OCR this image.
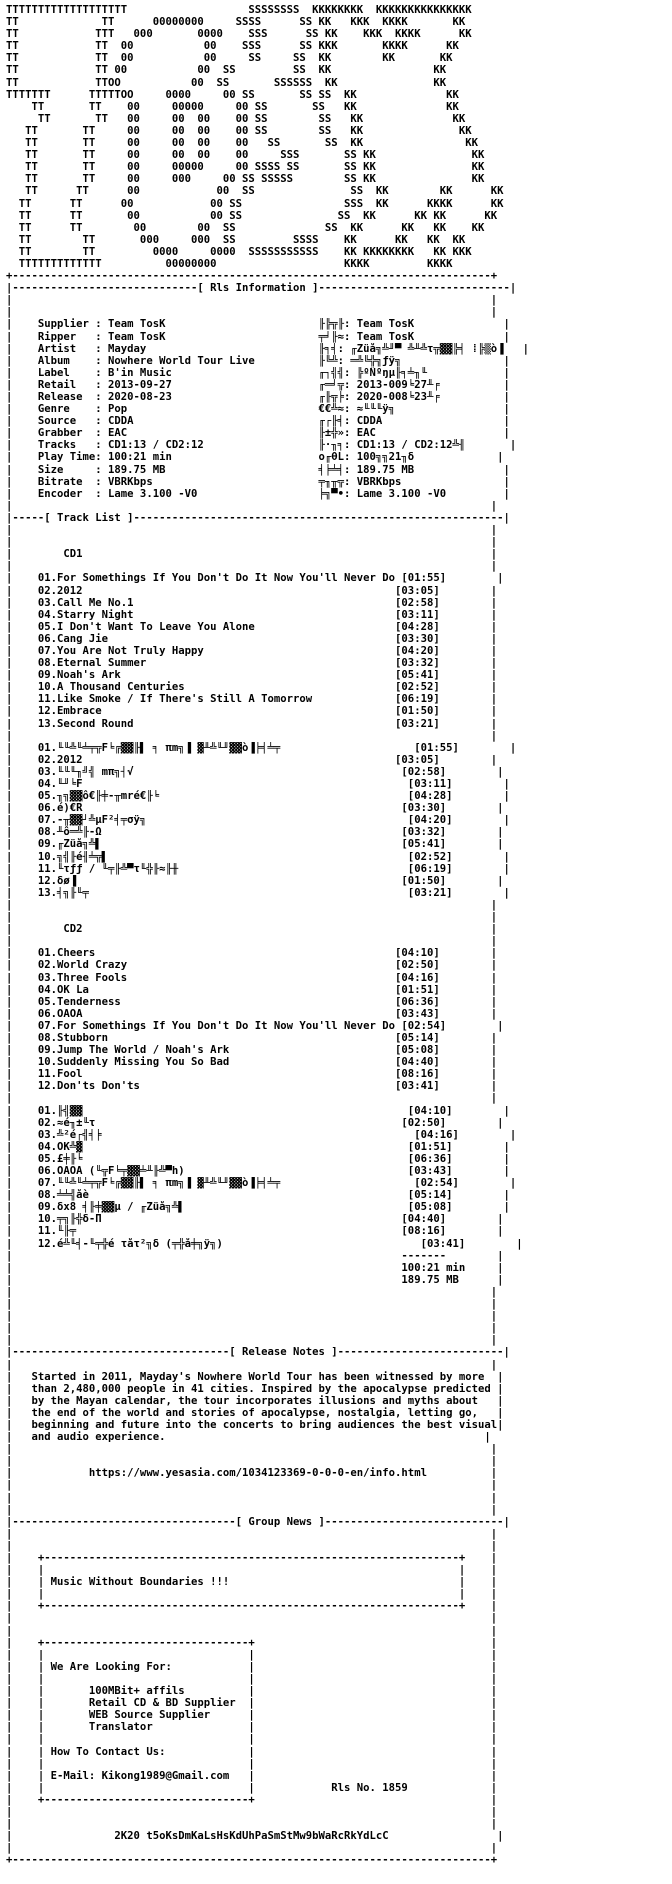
TTTTTTTTTTTTTTTTTTT                   SSSSSSSS  KKKKKKKK  KKKKKKKKKKKKKKK
TT             TT      00000000     SSSS      SS KK   KKK  KKKK       KK
TT            TTT   000       0000    SSS      SS KK    KKK  KKKK      KK
TT            TT  00           00    SSS      SS KKK       KKKK      KK
TT            TT  00           00     SS     SS  KK        KK       KK
TT            TT 00           00  SS         SS  KK                KK
TT            TTOO           00  SS       SSSSSS  KK               KK
TTTTTTT      TTTTTOO     0000     00 SS       SS SS  KK              KK
TT       TT    00     00000     00 SS       SS   KK              KK
TT       TT   00     00  00    00 SS        SS   KK              KK
TT       TT     00     00  00    00 SS        SS   KK               KK
TT       TT     00     00  00    00   SS       SS  KK                KK
TT       TT     00     00  00    00     SSS       SS KK               KK
TT       TT     00     00000     00 SSSS SS       SS KK               KK
TT       TT     00     000     00 SS SSSSS        SS KK               KK
TT      TT      00            00  SS               SS  KK        KK      KK
TT      TT      00            00 SS                SSS  KK      KKKK      KK
TT      TT       00           00 SS               SS  KK      KK KK      KK
TT      TT        00        00  SS              SS  KK      KK   KK    KK
TT        TT       000     000  SS         SSSS    KK      KK   KK  KK
TT        TT         0000     0000  SSSSSSSSSSS    KK KKKKKKKK   KK KKK
TTTTTTTTTTTTT          00000000                    KKKK         KKKK
+---------------------------------------------------------------------------+
|-----------------------------[ Rls Information ]------------------------------|
|                                                                           |
|                                                                           |
|    Supplier : Team TosK                        ╟╠╦╟: Team TosK              |
|    Ripper   : Team TosK                        ╤╛╟≈: Team TosK              |
|    Artist   : Mayday                           ╟╕╡: ╓Züå╗╩╜▀ ╩╨╩τ╦▓▓╠╡ ⁞╠▒ò▐   |
|    Album    : Nowhere World Tour Live          ╟╚╩: ═╩╚╬╗ƒÿ╗                |
|    Label    : B'in Music                       ╓┐╣╣: ╠ºÑºŋµ╟╕╧╖╙            |
|    Retail   : 2013-09-27                       ╓═╛╦: 2013-009╘27╨╒          |
|    Release  : 2020-08-23                       ╓╟╦╞: 2020-008╘23╨╒          |
|    Genre    : Pop                              €€╩≈: ≈╙╙╙ÿ╗                 |
|    Source   : CDDA                             ╓┌╟╡: CDDA                   |
|    Grabber  : EAC                              ╟±╬»: EAC                    |
|    Tracks   : CD1:13 / CD2:12                  ╟·╖╕: CD1:13 / CD2:12╩╢       |
|    Play Time: 100:21 min                       ο╓θL: 100╗╗21╖δ             |
|    Size     : 189.75 MB                        ╡╞╧╡: 189.75 MB              |
|    Bitrate  : VBRKbps                          ╤╖╥╦: VBRKbps                |
|    Encoder  : Lame 3.100 -V0                   ╞╗▀•: Lame 3.100 -V0         |
|                                                                           |
|-----[ Track List ]----------------------------------------------------------|
|                                                                           |
|                                                                           |
|        CD1                                                                |
|                                                                           |
|    01.For Somethings If You Don't Do It Now You'll Never Do [01:55]        |
|    02.2012                                                 [03:05]        |
|    03.Call Me No.1                                         [02:58]        |
|    04.Starry Night                                         [03:11]        |
|    05.I Don't Want To Leave You Alone                      [04:28]        |
|    06.Cang Jie                                             [03:30]        |
|    07.You Are Not Truly Happy                              [04:20]        |
|    08.Eternal Summer                                       [03:32]        |
|    09.Noah's Ark                                           [05:41]        |
|    10.A Thousand Centuries                                 [02:52]        |
|    11.Like Smoke / If There's Still A Tomorrow             [06:19]        |
|    12.Embrace                                              [01:50]        |
|    13.Second Round                                         [03:21]        |
|                                                                           |
|    01.╙╙╩╙╧╤╦F╘╔▓▓╟▌ ╕ πm╗▐ ▓╨╩╙╜▓▓ò▐╞╡╧╤                     [01:55]        |
|    02.2012                                                 [03:05]        |
|    03.╙╙╙╖╝╣ mπ╗┤√                                          [02:58]        |
|    04.╙╜╘F                                                   [03:11]        |
|    05.╖╗▓▓ô€╟╪-╥mré€╟╘                                       [04:28]        |
|    06.é)€R                                                  [03:30]        |
|    07.-╥▓▓┘╩µF²╡╤σÿ╗                                         [04:20]        |
|    08.╨ô═╩╟-Ω                                               [03:32]        |
|    09.╓Züå╗╩▌                                               [05:41]        |
|    10.╗╣╟é╢╧╦▌                                               [02:52]        |
|    11.╙τƒƒ / ╙╤╟╩▀τ╙╬╟≈╟╫                                    [06:19]        |
|    12.δø▐                                                   [01:50]        |
|    13.╡╗╟╙╤                                                  [03:21]        |
|                                                                           |
|                                                                           |
|        CD2                                                                |
|                                                                           |
|    01.Cheers                                               [04:10]        |
|    02.World Crazy                                          [02:50]        |
|    03.Three Fools                                          [04:16]        |
|    04.OK La                                                [01:51]        |
|    05.Tenderness                                           [06:36]        |
|    06.OAOA                                                 [03:43]        |
|    07.For Somethings If You Don't Do It Now You'll Never Do [02:54]        |
|    08.Stubborn                                             [05:14]        |
|    09.Jump The World / Noah's Ark                          [05:08]        |
|    10.Suddenly Missing You So Bad                          [04:40]        |
|    11.Fool                                                 [08:16]        |
|    12.Don'ts Don'ts                                        [03:41]        |
|                                                                           |
|    01.╟╣▓▓                                                   [04:10]        |
|    02.≈é╖±╙τ                                                [02:50]        |
|    03.╩²é┌╣╡╞                                                 [04:16]        |
|    04.OK╩▓                                                   [01:51]        |
|    05.£╪╟╘                                                   [06:36]        |
|    06.OAOA (╙╦F╘╤▓▓╧╨╟╩▀h)                                   [03:43]        |
|    07.╙╙╩╙╧╤╦F╘╔▓▓╟▌ ╕ πm╗▐ ▓╨╩╙╜▓▓ò▐╞╡╧╤                     [02:54]        |
|    08.╧╧╣åè                                                  [05:14]        |
|    09.δx8 ╡╟╪▓▓µ / ╓Züå╗╩▌                                   [05:08]        |
|    10.╤╗╟╬δ-Π                                               [04:40]        |
|    11.╙╟╤                                                   [08:16]        |
|    12.é╩╙╡-╙╤╬é τåτ²╗δ (╤╬å╪╗ÿ╗)                               [03:41]        |
|                                                             -------        |
|                                                             100:21 min     |
|                                                             189.75 MB      |
|                                                                           |
|                                                                           |
|                                                                           |
|                                                                           |
|                                                                           |
|----------------------------------[ Release Notes ]--------------------------|
|                                                                           |
|   Started in 2011, Mayday's Nowhere World Tour has been witnessed by more  |
|   than 2,480,000 people in 41 cities. Inspired by the apocalypse predicted |
|   by the Mayan calendar, the tour incorporates illusions and myths about   |
|   the end of the world and stories of apocalypse, nostalgia, letting go,   |
|   beginning and future into the concerts to bring audiences the best visual|
|   and audio experience.                                                  |
|                                                                           |
|                                                                           |
|            https://www.yesasia.com/1034123369-0-0-0-en/info.html          |
|                                                                           |
|                                                                           |
|                                                                           |
|-----------------------------------[ Group News ]----------------------------|
|                                                                           |
|                                                                           |
|    +-----------------------------------------------------------------+    |
|    |                                                                 |    |
|    | Music Without Boundaries !!!                                    |    |
|    |                                                                 |    |
|    +-----------------------------------------------------------------+    |
|                                                                           |
|                                                                           |
|    +--------------------------------+                                     |
|    |                                |                                     |
|    | We Are Looking For:            |                                     |
|    |                                |                                     |
|    |       100MBit+ affils          |                                     |
|    |       Retail CD & BD Supplier  |                                     |
|    |       WEB Source Supplier      |                                     |
|    |       Translator               |                                     |
|    |                                |                                     |
|    | How To Contact Us:             |                                     |
|    |                                |                                     |
|    | E-Mail: Kikong1989@Gmail.com   |                                     |
|    |                                |            Rls No. 1859             |
|    +--------------------------------+                                     |
|                                                                           |
|                                                                           |
|                2K20 t5oKsDmKaLsHsKdUhPaSmStMw9bWaRcRkYdLcC                 |
|                                                                           |
+---------------------------------------------------------------------------+
